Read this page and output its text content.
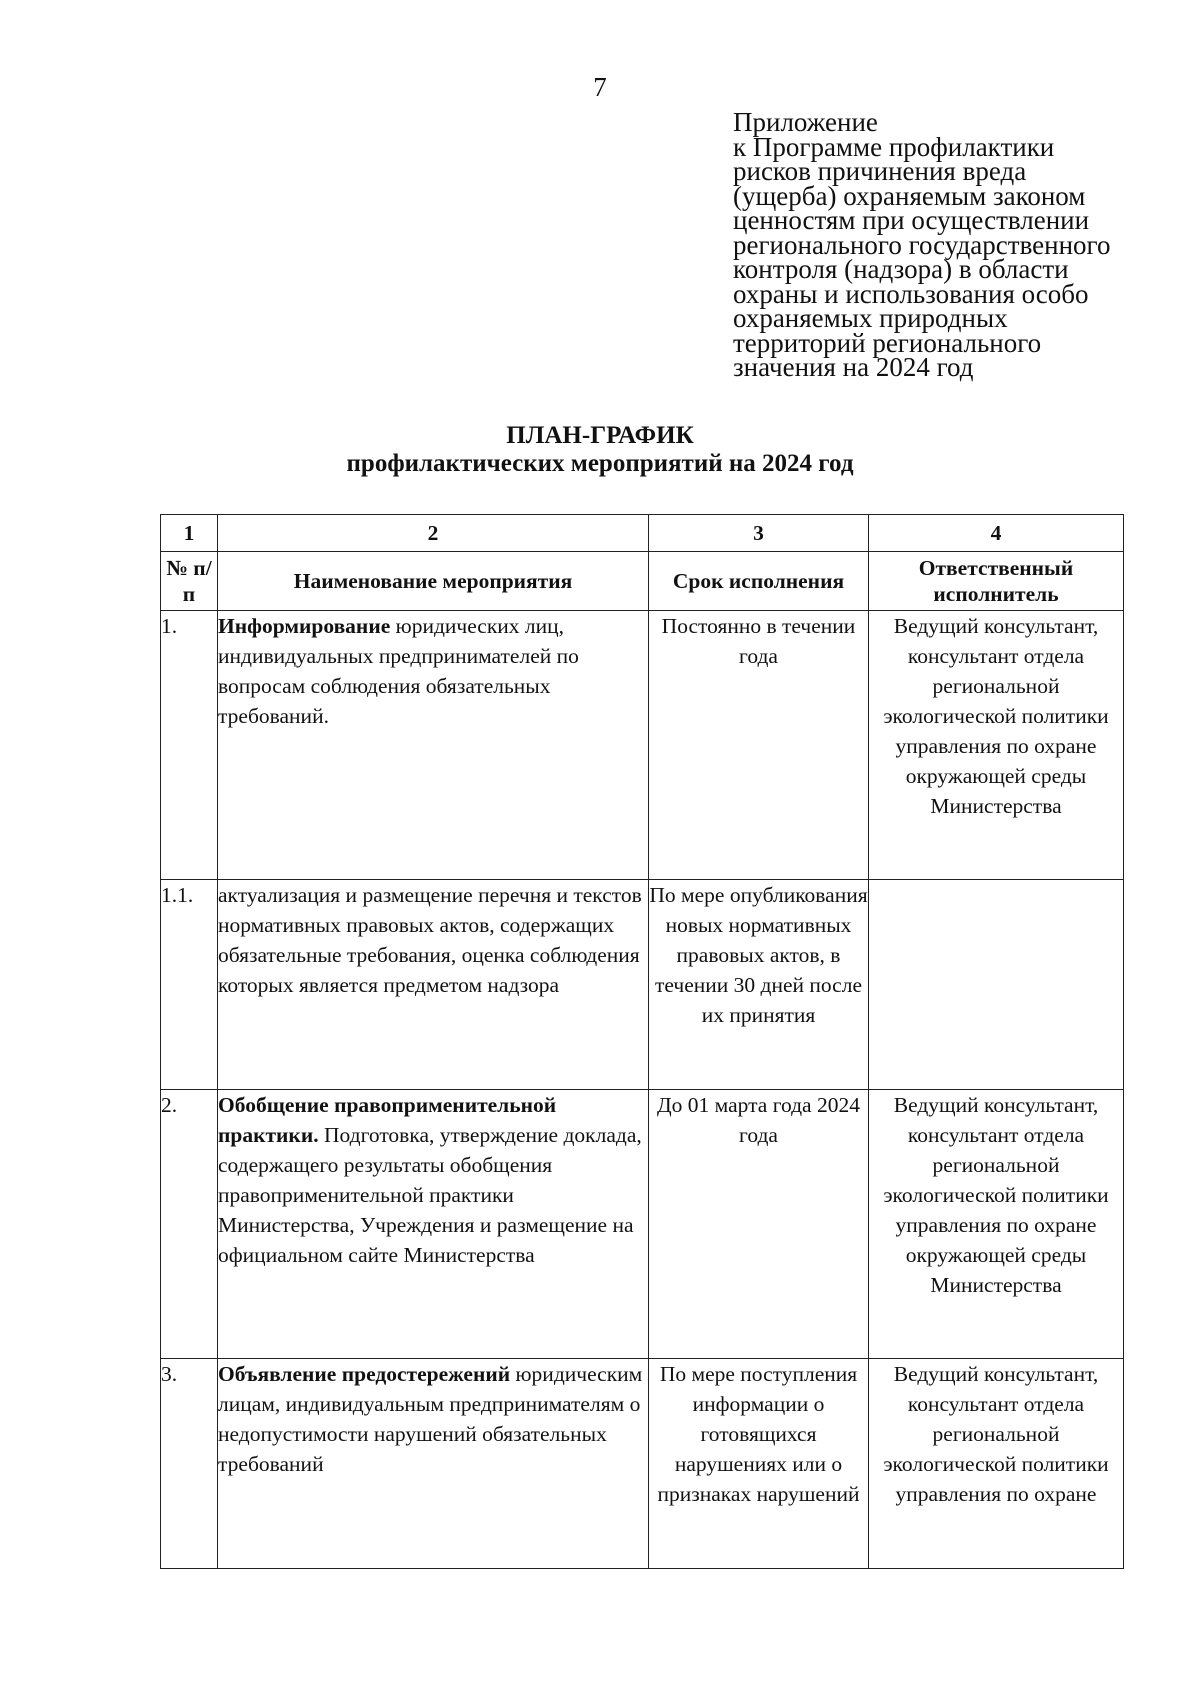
7
Приложение
к Программе профилактики
рисков причинения вреда
(ущерба) охраняемым законом
ценностям при осуществлении
регионального государственного
контроля (надзора) в области
охраны и использования особо
охраняемых природных
территорий регионального
значения на 2024 год
ПЛАН-ГРАФИК
профилактических мероприятий на 2024 год
1	2	3	4
№ п/п	Наименование мероприятия	Срок исполнения	Ответственный исполнитель
1.	Информирование юридических лиц, индивидуальных предпринимателей по вопросам соблюдения обязательных требований.	Постоянно в течении года	Ведущий консультант, консультант отдела региональной экологической политики управления по охране окружающей среды Министерства
1.1.	актуализация и размещение перечня и текстов нормативных правовых актов, содержащих обязательные требования, оценка соблюдения которых является предметом надзора	По мере опубликования новых нормативных правовых актов, в течении 30 дней после их принятия	
2.	Обобщение правоприменительной практики. Подготовка, утверждение доклада, содержащего результаты обобщения правоприменительной практики Министерства, Учреждения и размещение на официальном сайте Министерства	До 01 марта года 2024 года	Ведущий консультант, консультант отдела региональной экологической политики управления по охране окружающей среды Министерства
3.	Объявление предостережений юридическим лицам, индивидуальным предпринимателям о недопустимости нарушений обязательных требований	По мере поступления информации о готовящихся нарушениях или о признаках нарушений	Ведущий консультант, консультант отдела региональной экологической политики управления по охране
